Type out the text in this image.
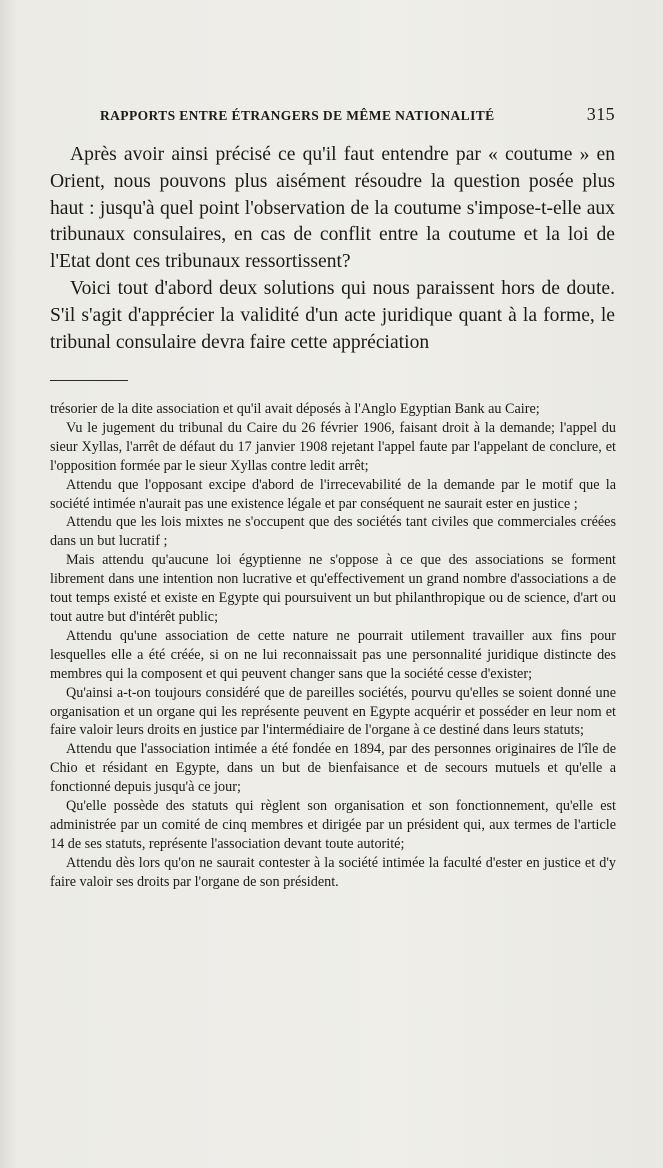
RAPPORTS ENTRE ÉTRANGERS DE MÊME NATIONALITÉ	315

Après avoir ainsi précisé ce qu'il faut entendre par « coutume » en Orient, nous pouvons plus aisément résoudre la question posée plus haut : jusqu'à quel point l'observation de la coutume s'impose-t-elle aux tribunaux consulaires, en cas de conflit entre la coutume et la loi de l'Etat dont ces tribunaux ressortissent?

Voici tout d'abord deux solutions qui nous paraissent hors de doute. S'il s'agit d'apprécier la validité d'un acte juridique quant à la forme, le tribunal consulaire devra faire cette appréciation

trésorier de la dite association et qu'il avait déposés à l'Anglo Egyptian Bank au Caire;

Vu le jugement du tribunal du Caire du 26 février 1906, faisant droit à la demande; l'appel du sieur Xyllas, l'arrêt de défaut du 17 janvier 1908 rejetant l'appel faute par l'appelant de conclure, et l'opposition formée par le sieur Xyllas contre ledit arrêt;

Attendu que l'opposant excipe d'abord de l'irrecevabilité de la demande par le motif que la société intimée n'aurait pas une existence légale et par conséquent ne saurait ester en justice ;

Attendu que les lois mixtes ne s'occupent que des sociétés tant civiles que commerciales créées dans un but lucratif ;

Mais attendu qu'aucune loi égyptienne ne s'oppose à ce que des associations se forment librement dans une intention non lucrative et qu'effectivement un grand nombre d'associations a de tout temps existé et existe en Egypte qui poursuivent un but philanthropique ou de science, d'art ou tout autre but d'intérêt public;

Attendu qu'une association de cette nature ne pourrait utilement travailler aux fins pour lesquelles elle a été créée, si on ne lui reconnaissait pas une personnalité juridique distincte des membres qui la composent et qui peuvent changer sans que la société cesse d'exister;

Qu'ainsi a-t-on toujours considéré que de pareilles sociétés, pourvu qu'elles se soient donné une organisation et un organe qui les représente peuvent en Egypte acquérir et posséder en leur nom et faire valoir leurs droits en justice par l'intermédiaire de l'organe à ce destiné dans leurs statuts;

Attendu que l'association intimée a été fondée en 1894, par des personnes originaires de l'île de Chio et résidant en Egypte, dans un but de bienfaisance et de secours mutuels et qu'elle a fonctionné depuis jusqu'à ce jour;

Qu'elle possède des statuts qui règlent son organisation et son fonctionnement, qu'elle est administrée par un comité de cinq membres et dirigée par un président qui, aux termes de l'article 14 de ses statuts, représente l'association devant toute autorité;

Attendu dès lors qu'on ne saurait contester à la société intimée la faculté d'ester en justice et d'y faire valoir ses droits par l'organe de son président.
